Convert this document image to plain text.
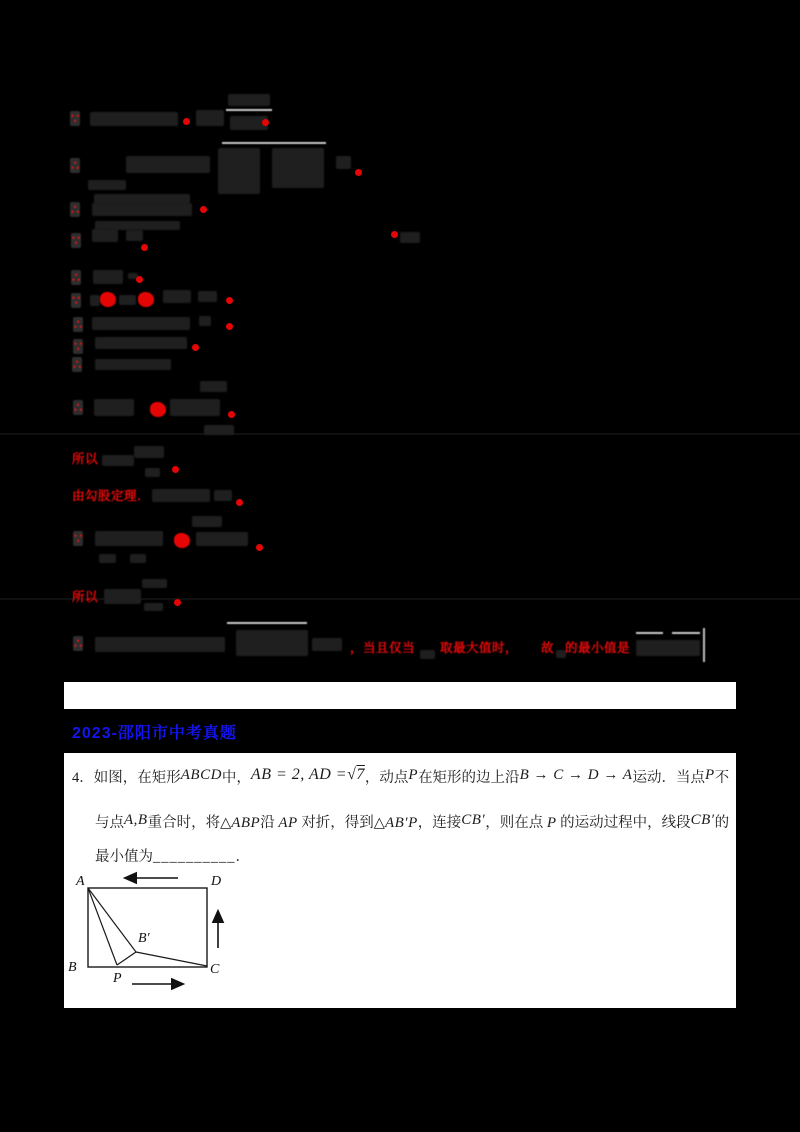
∵
∴
∴
∵
∴
∵
∴
∵
∴
∴
所以
由勾股定理．
∵
所以
∴	，当且仅当 取最大值时， 故 的最小值是
2023-邵阳市中考真题
4．如图，在矩形ABCD中，AB = 2, AD =√7，动点P在矩形的边上沿B → C → D → A运动．当点P不
与点A,B重合时，将△ABP沿 AP 对折，得到△AB′P，连接CB′，则在点 P 的运动过程中，线段CB′的
最小值为__________．
A	D
B	C
P
B′
